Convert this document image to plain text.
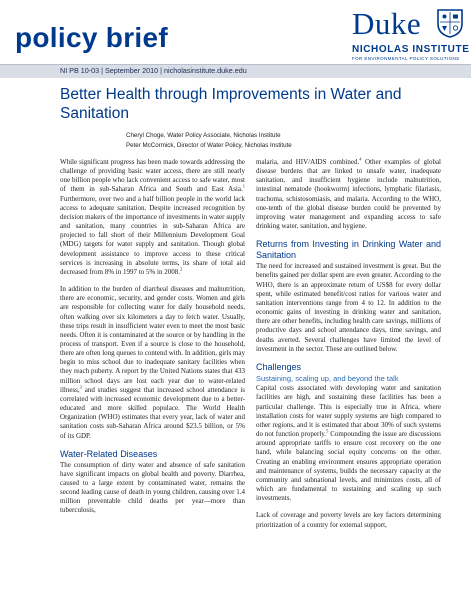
policy brief	Duke
NICHOLAS INSTITUTE
FOR ENVIRONMENTAL POLICY SOLUTIONS
NI PB 10-03 | September 2010 | nicholasinstitute.duke.edu
Better Health through Improvements in Water and Sanitation
Cheryl Choge, Water Policy Associate, Nicholas Institute
Peter McCormick, Director of Water Policy, Nicholas Institute

While significant progress has been made towards addressing the challenge of providing basic water access, there are still nearly one billion people who lack convenient access to safe water, most of them in sub-Saharan Africa and South and East Asia.$^1$ Furthermore, over two and a half billion people in the world lack access to adequate sanitation. Despite increased recognition by decision makers of the importance of investments in water supply and sanitation, many countries in sub-Saharan Africa are projected to fall short of their Millennium Development Goal (MDG) targets for water supply and sanitation. Though global development assistance to improve access to these critical services is increasing in absolute terms, its share of total aid decreased from 8% in 1997 to 5% in 2008.$^2$

In addition to the burden of diarrheal diseases and malnutrition, there are economic, security, and gender costs. Women and girls are responsible for collecting water for daily household needs, often walking over six kilometers a day to fetch water. Usually, these trips result in insufficient water even to meet the most basic needs. Often it is contaminated at the source or by handling in the process of transport. Even if a source is close to the household, there are often long queues to contend with. In addition, girls may begin to miss school due to inadequate sanitary facilities when they reach puberty. A report by the United Nations states that 433 million school days are lost each year due to water-related illness,$^3$ and studies suggest that increased school attendance is correlated with increased economic development due to a better-educated and more skilled populace. The World Health Organization (WHO) estimates that every year, lack of water and sanitation costs sub-Saharan Africa around $23.5 billion, or 5% of its GDP.

Water-Related Diseases

The consumption of dirty water and absence of safe sanitation have significant impacts on global health and poverty. Diarrhea, caused to a large extent by contaminated water, remains the second leading cause of death in young children, causing over 1.4 million preventable child deaths per year—more than tuberculosis,

malaria, and HIV/AIDS combined.$^4$ Other examples of global disease burdens that are linked to unsafe water, inadequate sanitation, and insufficient hygiene include malnutrition, intestinal nematode (hookworm) infections, lymphatic filariasis, trachoma, schistosomiasis, and malaria. According to the WHO, one-tenth of the global disease burden could be prevented by improving water management and expanding access to safe drinking water, sanitation, and hygiene.

Returns from Investing in Drinking Water and Sanitation

The need for increased and sustained investment is great. But the benefits gained per dollar spent are even greater. According to the WHO, there is an approximate return of US$8 for every dollar spent, while estimated benefit/cost ratios for various water and sanitation interventions range from 4 to 12. In addition to the economic gains of investing in drinking water and sanitation, there are other benefits, including health care savings, millions of productive days and school attendance days, time savings, and deaths averted. Several challenges have limited the level of investment in the sector. These are outlined below.

Challenges
Sustaining, scaling up, and beyond the talk

Capital costs associated with developing water and sanitation facilities are high, and sustaining these facilities has been a particular challenge. This is especially true in Africa, where installation costs for water supply systems are high compared to other regions, and it is estimated that about 30% of such systems do not function properly.$^5$ Compounding the issue are discussions around appropriate tariffs to ensure cost recovery on the one hand, while balancing social equity concerns on the other. Creating an enabling environment ensures appropriate operation and maintenance of systems, builds the necessary capacity at the community and subnational levels, and minimizes costs, all of which are fundamental to sustaining and scaling up such investments.

Lack of coverage and poverty levels are key factors determining prioritization of a country for external support,
